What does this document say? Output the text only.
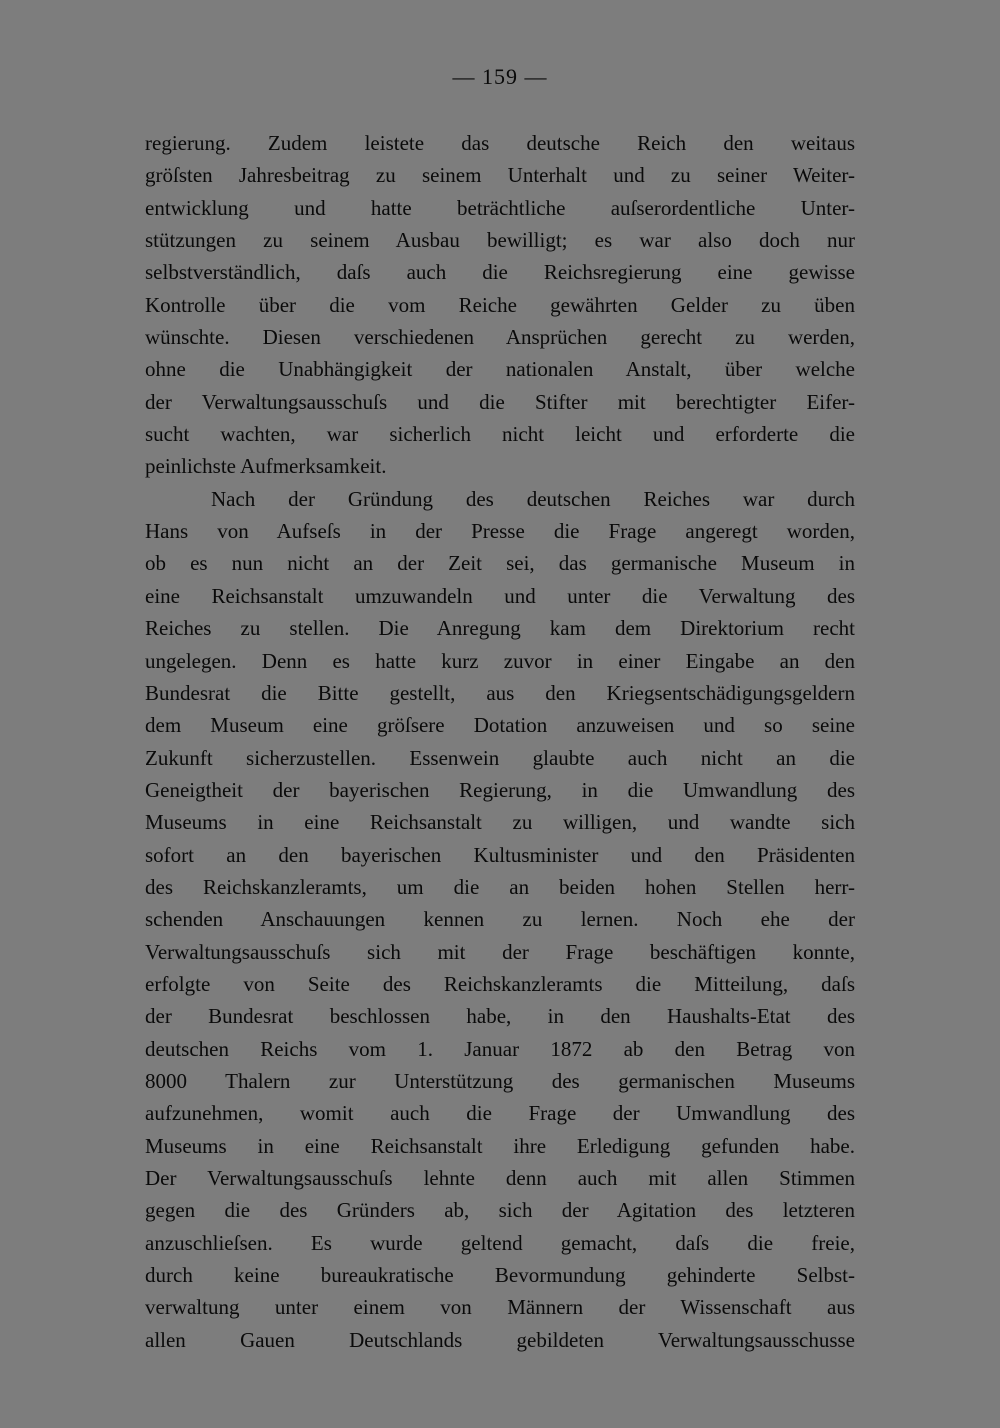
— 159 —
regierung. Zudem leistete das deutsche Reich den weitaus
gröſsten Jahresbeitrag zu seinem Unterhalt und zu seiner Weiter-
entwicklung und hatte beträchtliche auſserordentliche Unter-
stützungen zu seinem Ausbau bewilligt; es war also doch nur
selbstverständlich, daſs auch die Reichsregierung eine gewisse
Kontrolle über die vom Reiche gewährten Gelder zu üben
wünschte. Diesen verschiedenen Ansprüchen gerecht zu werden,
ohne die Unabhängigkeit der nationalen Anstalt, über welche
der Verwaltungsausschuſs und die Stifter mit berechtigter Eifer-
sucht wachten, war sicherlich nicht leicht und erforderte die
peinlichste Aufmerksamkeit.
Nach der Gründung des deutschen Reiches war durch
Hans von Aufseſs in der Presse die Frage angeregt worden,
ob es nun nicht an der Zeit sei, das germanische Museum in
eine Reichsanstalt umzuwandeln und unter die Verwaltung des
Reiches zu stellen. Die Anregung kam dem Direktorium recht
ungelegen. Denn es hatte kurz zuvor in einer Eingabe an den
Bundesrat die Bitte gestellt, aus den Kriegsentschädigungsgeldern
dem Museum eine gröſsere Dotation anzuweisen und so seine
Zukunft sicherzustellen. Essenwein glaubte auch nicht an die
Geneigtheit der bayerischen Regierung, in die Umwandlung des
Museums in eine Reichsanstalt zu willigen, und wandte sich
sofort an den bayerischen Kultusminister und den Präsidenten
des Reichskanzleramts, um die an beiden hohen Stellen herr-
schenden Anschauungen kennen zu lernen. Noch ehe der
Verwaltungsausschuſs sich mit der Frage beschäftigen konnte,
erfolgte von Seite des Reichskanzleramts die Mitteilung, daſs
der Bundesrat beschlossen habe, in den Haushalts-Etat des
deutschen Reichs vom 1. Januar 1872 ab den Betrag von
8000 Thalern zur Unterstützung des germanischen Museums
aufzunehmen, womit auch die Frage der Umwandlung des
Museums in eine Reichsanstalt ihre Erledigung gefunden habe.
Der Verwaltungsausschuſs lehnte denn auch mit allen Stimmen
gegen die des Gründers ab, sich der Agitation des letzteren
anzuschlieſsen. Es wurde geltend gemacht, daſs die freie,
durch keine bureaukratische Bevormundung gehinderte Selbst-
verwaltung unter einem von Männern der Wissenschaft aus
allen Gauen Deutschlands gebildeten Verwaltungsausschusse
